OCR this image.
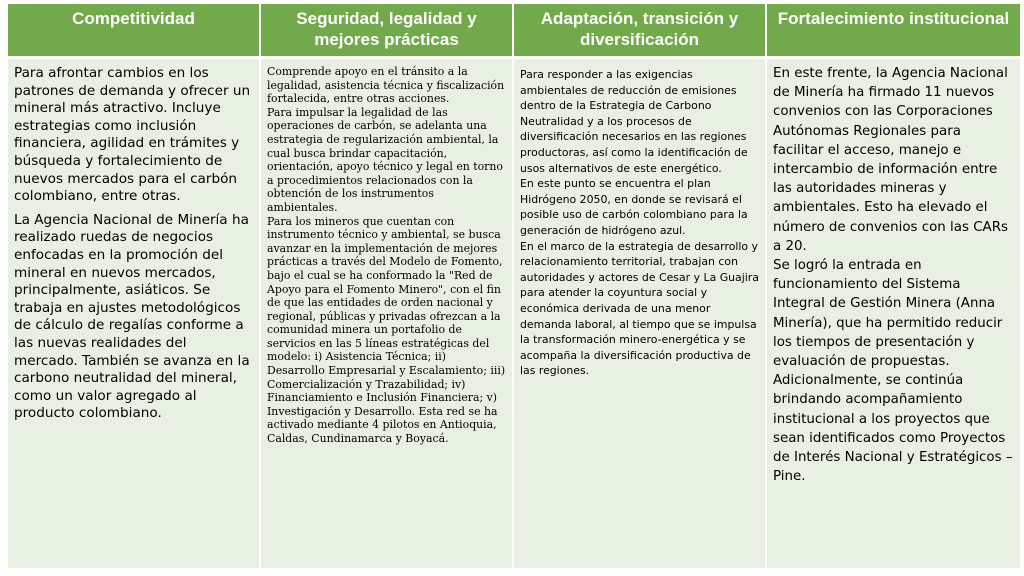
Competitividad	Seguridad, legalidad y mejores prácticas
Adaptación, transición y diversificación
Fortalecimiento institucional

Para afrontar cambios en los patrones de demanda y ofrecer un mineral más atractivo. Incluye estrategias como inclusión financiera, agilidad en trámites y búsqueda y fortalecimiento de nuevos mercados para el carbón colombiano, entre otras.

La Agencia Nacional de Minería ha realizado ruedas de negocios enfocadas en la promoción del mineral en nuevos mercados, principalmente, asiáticos. Se trabaja en ajustes metodológicos de cálculo de regalías conforme a las nuevas realidades del mercado. También se avanza en la carbono neutralidad del mineral, como un valor agregado al producto colombiano.

Comprende apoyo en el tránsito a la legalidad, asistencia técnica y fiscalización fortalecida, entre otras acciones.
Para impulsar la legalidad de las operaciones de carbón, se adelanta una estrategia de regularización ambiental, la cual busca brindar capacitación, orientación, apoyo técnico y legal en torno a procedimientos relacionados con la obtención de los instrumentos ambientales.
Para los mineros que cuentan con instrumento técnico y ambiental, se busca avanzar en la implementación de mejores prácticas a través del Modelo de Fomento, bajo el cual se ha conformado la "Red de Apoyo para el Fomento Minero", con el fin de que las entidades de orden nacional y regional, públicas y privadas ofrezcan a la comunidad minera un portafolio de servicios en las 5 líneas estratégicas del modelo: i) Asistencia Técnica; ii) Desarrollo Empresarial y Escalamiento; iii) Comercialización y Trazabilidad; iv) Financiamiento e Inclusión Financiera; v) Investigación y Desarrollo. Esta red se ha activado mediante 4 pilotos en Antioquia, Caldas, Cundinamarca y Boyacá.
Para responder a las exigencias ambientales de reducción de emisiones dentro de la Estrategia de Carbono Neutralidad y a los procesos de diversificación necesarios en las regiones productoras, así como la identificación de usos alternativos de este energético.
En este punto se encuentra el plan Hidrógeno 2050, en donde se revisará el posible uso de carbón colombiano para la generación de hidrógeno azul.
En el marco de la estrategia de desarrollo y relacionamiento territorial, trabajan con autoridades y actores de Cesar y La Guajira para atender la coyuntura social y económica derivada de una menor demanda laboral, al tiempo que se impulsa la transformación minero-energética y se acompaña la diversificación productiva de las regiones.
En este frente, la Agencia Nacional de Minería ha firmado 11 nuevos convenios con las Corporaciones Autónomas Regionales para facilitar el acceso, manejo e intercambio de información entre las autoridades mineras y ambientales. Esto ha elevado el número de convenios con las CARs a 20.
Se logró la entrada en funcionamiento del Sistema Integral de Gestión Minera (Anna Minería), que ha permitido reducir los tiempos de presentación y evaluación de propuestas.
Adicionalmente, se continúa brindando acompañamiento institucional a los proyectos que sean identificados como Proyectos de Interés Nacional y Estratégicos – Pine.
